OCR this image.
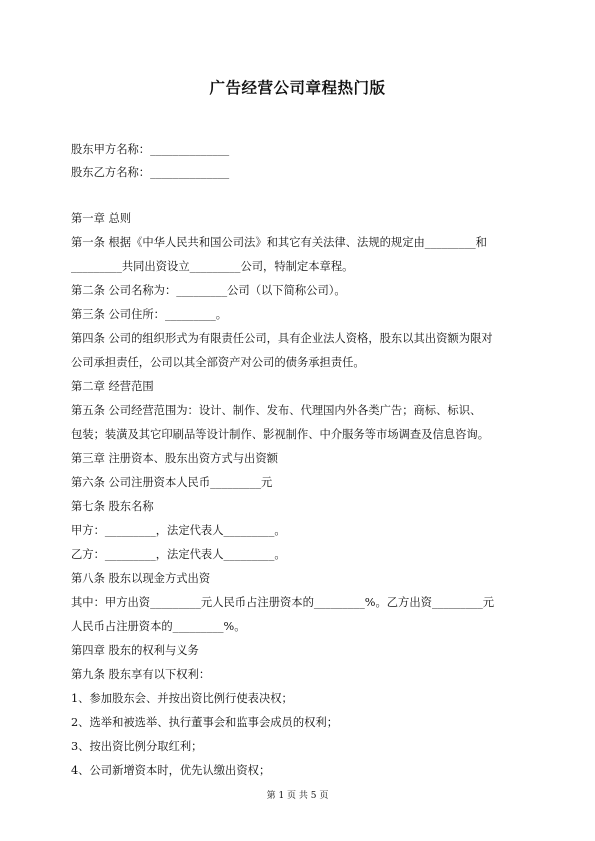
广告经营公司章程热门版
股东甲方名称：______________
股东乙方名称：______________
第一章 总则
第一条 根据《中华人民共和国公司法》和其它有关法律、法规的规定由_________和
_________共同出资设立_________公司，特制定本章程。
第二条 公司名称为：_________公司（以下简称公司）。
第三条 公司住所：_________。
第四条 公司的组织形式为有限责任公司，具有企业法人资格，股东以其出资额为限对
公司承担责任，公司以其全部资产对公司的债务承担责任。
第二章 经营范围
第五条 公司经营范围为：设计、制作、发布、代理国内外各类广告；商标、标识、
包装；装潢及其它印刷品等设计制作、影视制作、中介服务等市场调查及信息咨询。
第三章 注册资本、股东出资方式与出资额
第六条 公司注册资本人民币_________元
第七条 股东名称
甲方：_________，法定代表人_________。
乙方：_________，法定代表人_________。
第八条 股东以现金方式出资
其中：甲方出资_________元人民币占注册资本的_________%。乙方出资_________元
人民币占注册资本的_________%。
第四章 股东的权利与义务
第九条 股东享有以下权利：
1、参加股东会、并按出资比例行使表决权；
2、选举和被选举、执行董事会和监事会成员的权利；
3、按出资比例分取红利；
4、公司新增资本时，优先认缴出资权；
第 1 页 共 5 页
